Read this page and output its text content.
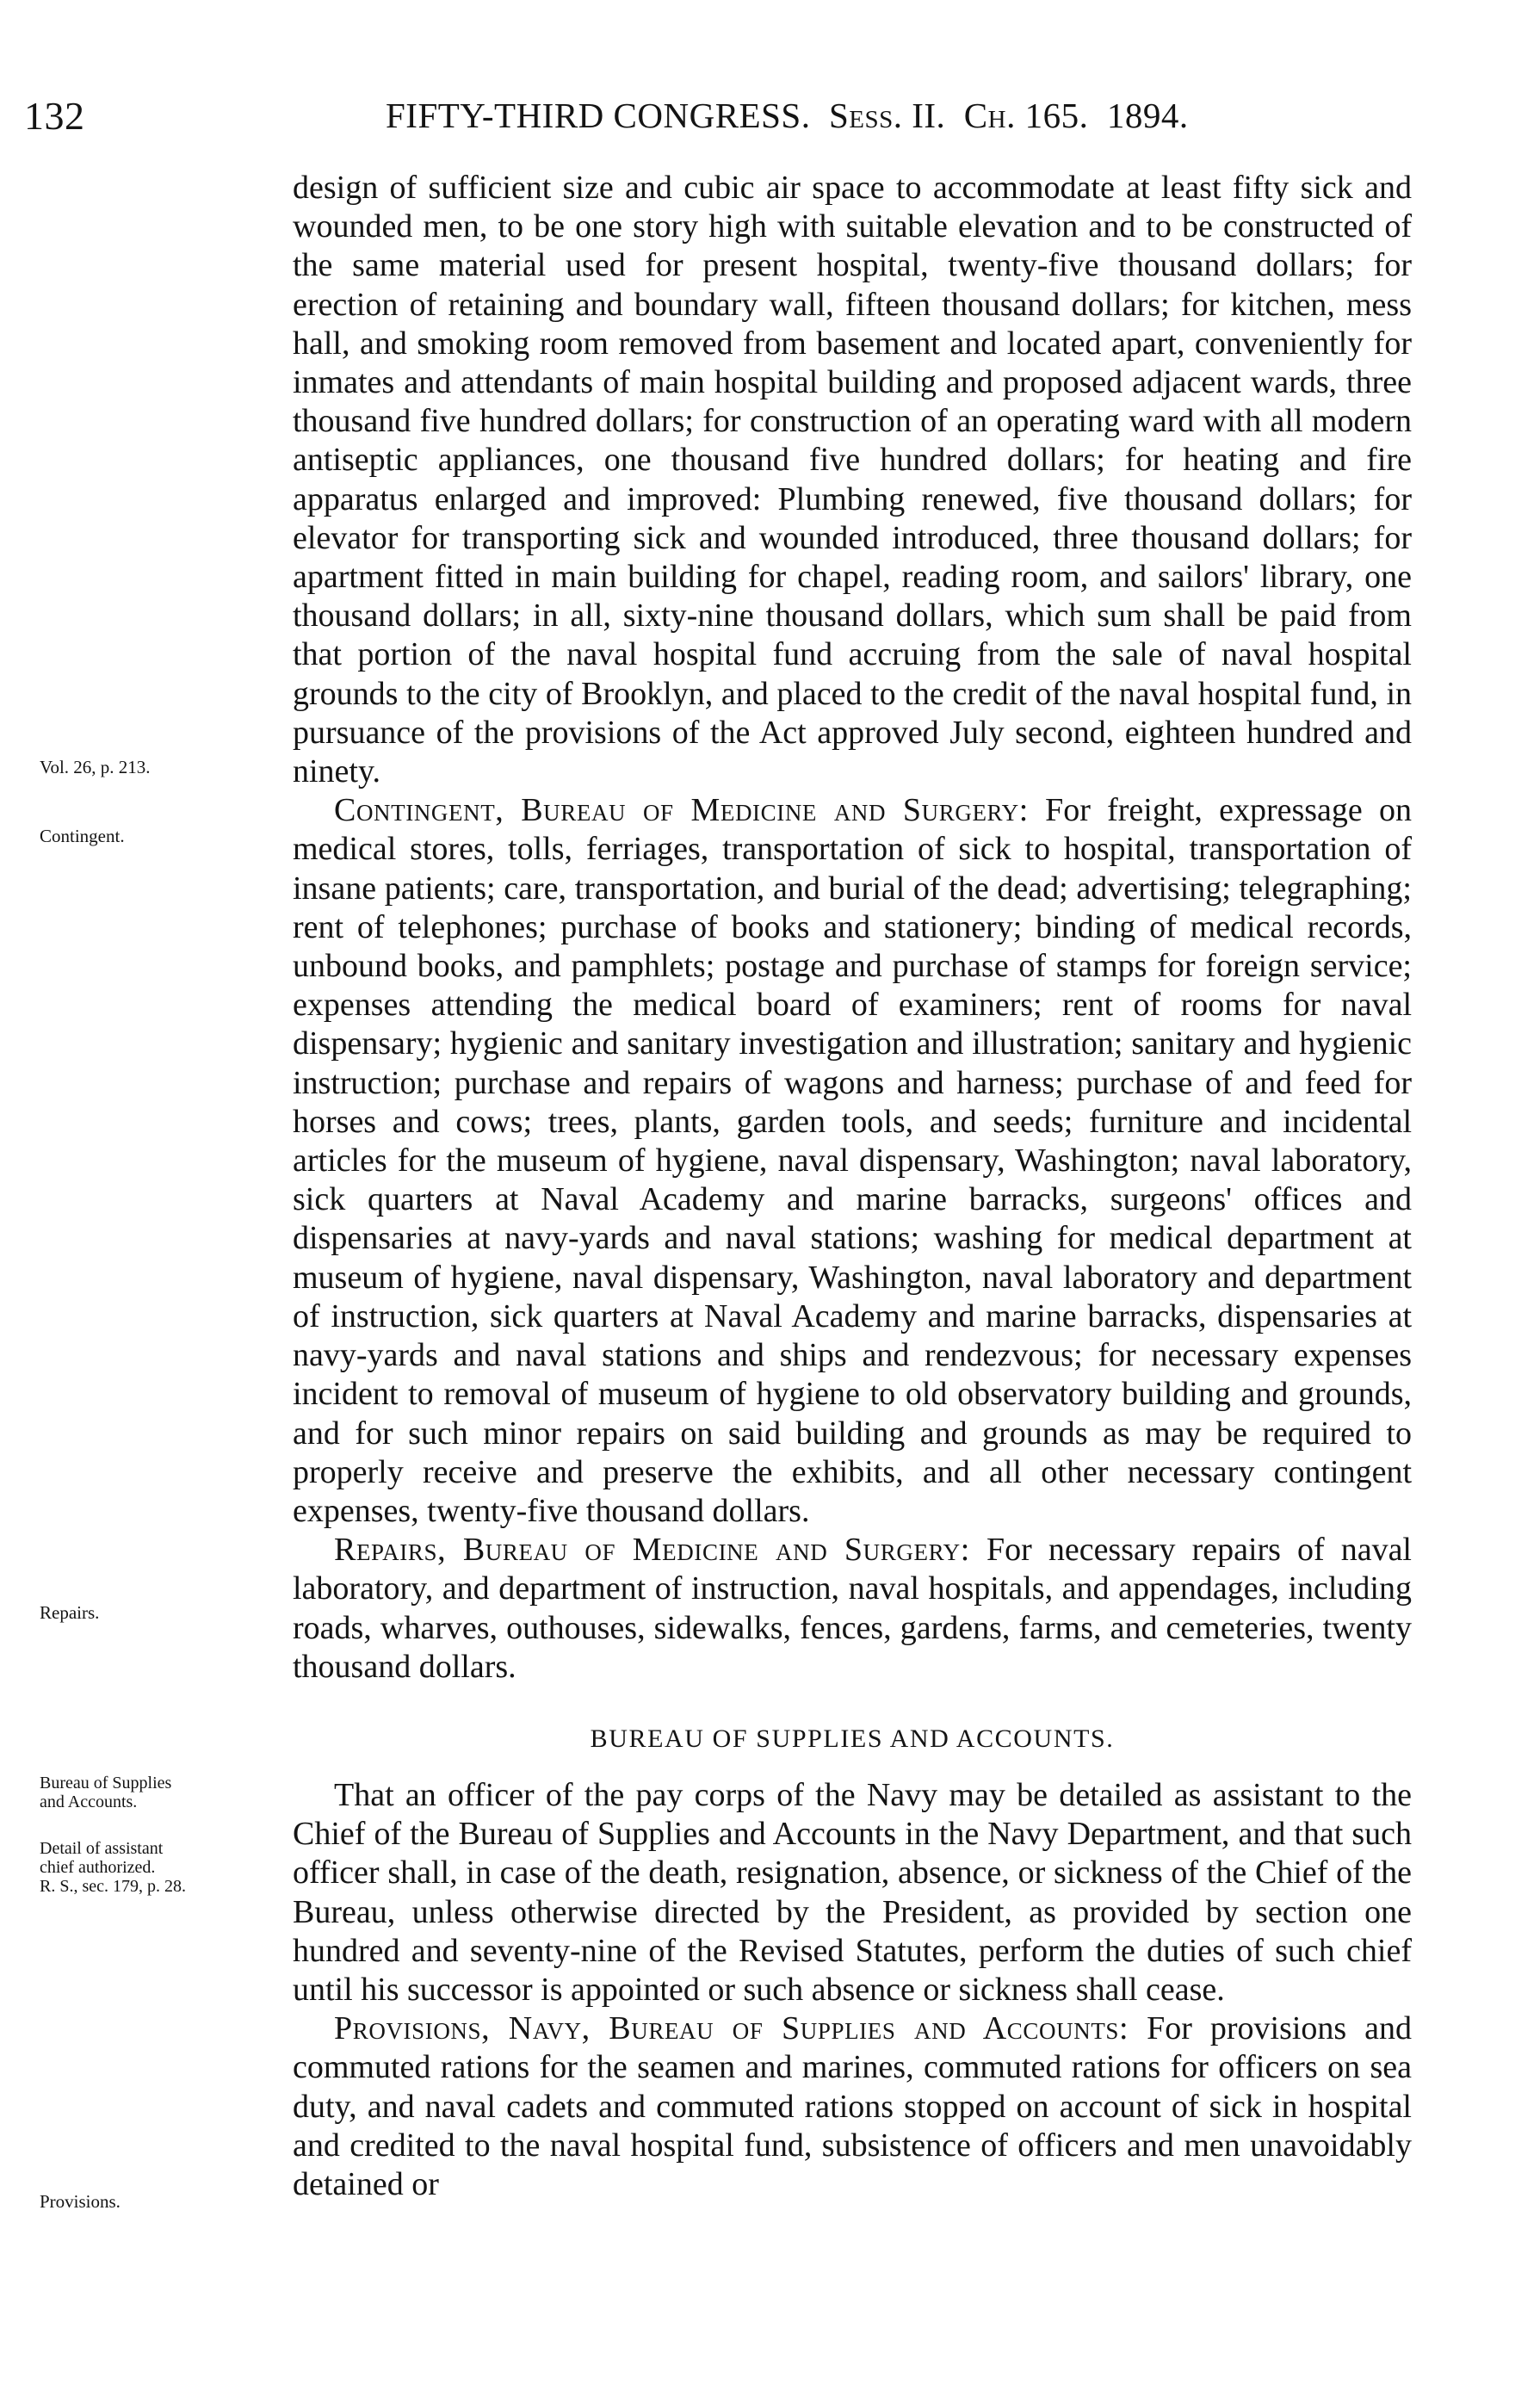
132	FIFTY-THIRD CONGRESS. Sess. II. Ch. 165. 1894.
Vol. 26, p. 213.
Contingent.
Repairs.
Bureau of Supplies
and Accounts.
Detail of assistant
chief authorized.
R. S., sec. 179, p. 28.
Provisions.

design of sufficient size and cubic air space to accommodate at least fifty sick and wounded men, to be one story high with suitable elevation and to be constructed of the same material used for present hospital, twenty-five thousand dollars; for erection of retaining and boundary wall, fifteen thousand dollars; for kitchen, mess hall, and smoking room removed from basement and located apart, conveniently for inmates and attendants of main hospital building and proposed adjacent wards, three thousand five hundred dollars; for construction of an operating ward with all modern antiseptic appliances, one thousand five hundred dollars; for heating and fire apparatus enlarged and improved: Plumbing renewed, five thousand dollars; for elevator for transporting sick and wounded introduced, three thousand dollars; for apartment fitted in main building for chapel, reading room, and sailors' library, one thousand dollars; in all, sixty-nine thousand dollars, which sum shall be paid from that portion of the naval hospital fund accruing from the sale of naval hospital grounds to the city of Brooklyn, and placed to the credit of the naval hospital fund, in pursuance of the provisions of the Act approved July second, eighteen hundred and ninety.

Contingent, Bureau of Medicine and Surgery: For freight, expressage on medical stores, tolls, ferriages, transportation of sick to hospital, transportation of insane patients; care, transportation, and burial of the dead; advertising; telegraphing; rent of telephones; purchase of books and stationery; binding of medical records, unbound books, and pamphlets; postage and purchase of stamps for foreign service; expenses attending the medical board of examiners; rent of rooms for naval dispensary; hygienic and sanitary investigation and illustration; sanitary and hygienic instruction; purchase and repairs of wagons and harness; purchase of and feed for horses and cows; trees, plants, garden tools, and seeds; furniture and incidental articles for the museum of hygiene, naval dispensary, Washington; naval laboratory, sick quarters at Naval Academy and marine barracks, surgeons' offices and dispensaries at navy-yards and naval stations; washing for medical department at museum of hygiene, naval dispensary, Washington, naval laboratory and department of instruction, sick quarters at Naval Academy and marine barracks, dispensaries at navy-yards and naval stations and ships and rendezvous; for necessary expenses incident to removal of museum of hygiene to old observatory building and grounds, and for such minor repairs on said building and grounds as may be required to properly receive and preserve the exhibits, and all other necessary contingent expenses, twenty-five thousand dollars.

Repairs, Bureau of Medicine and Surgery: For necessary repairs of naval laboratory, and department of instruction, naval hospitals, and appendages, including roads, wharves, outhouses, sidewalks, fences, gardens, farms, and cemeteries, twenty thousand dollars.

BUREAU OF SUPPLIES AND ACCOUNTS.

That an officer of the pay corps of the Navy may be detailed as assistant to the Chief of the Bureau of Supplies and Accounts in the Navy Department, and that such officer shall, in case of the death, resignation, absence, or sickness of the Chief of the Bureau, unless otherwise directed by the President, as provided by section one hundred and seventy-nine of the Revised Statutes, perform the duties of such chief until his successor is appointed or such absence or sickness shall cease.

Provisions, Navy, Bureau of Supplies and Accounts: For provisions and commuted rations for the seamen and marines, commuted rations for officers on sea duty, and naval cadets and commuted rations stopped on account of sick in hospital and credited to the naval hospital fund, subsistence of officers and men unavoidably detained or
